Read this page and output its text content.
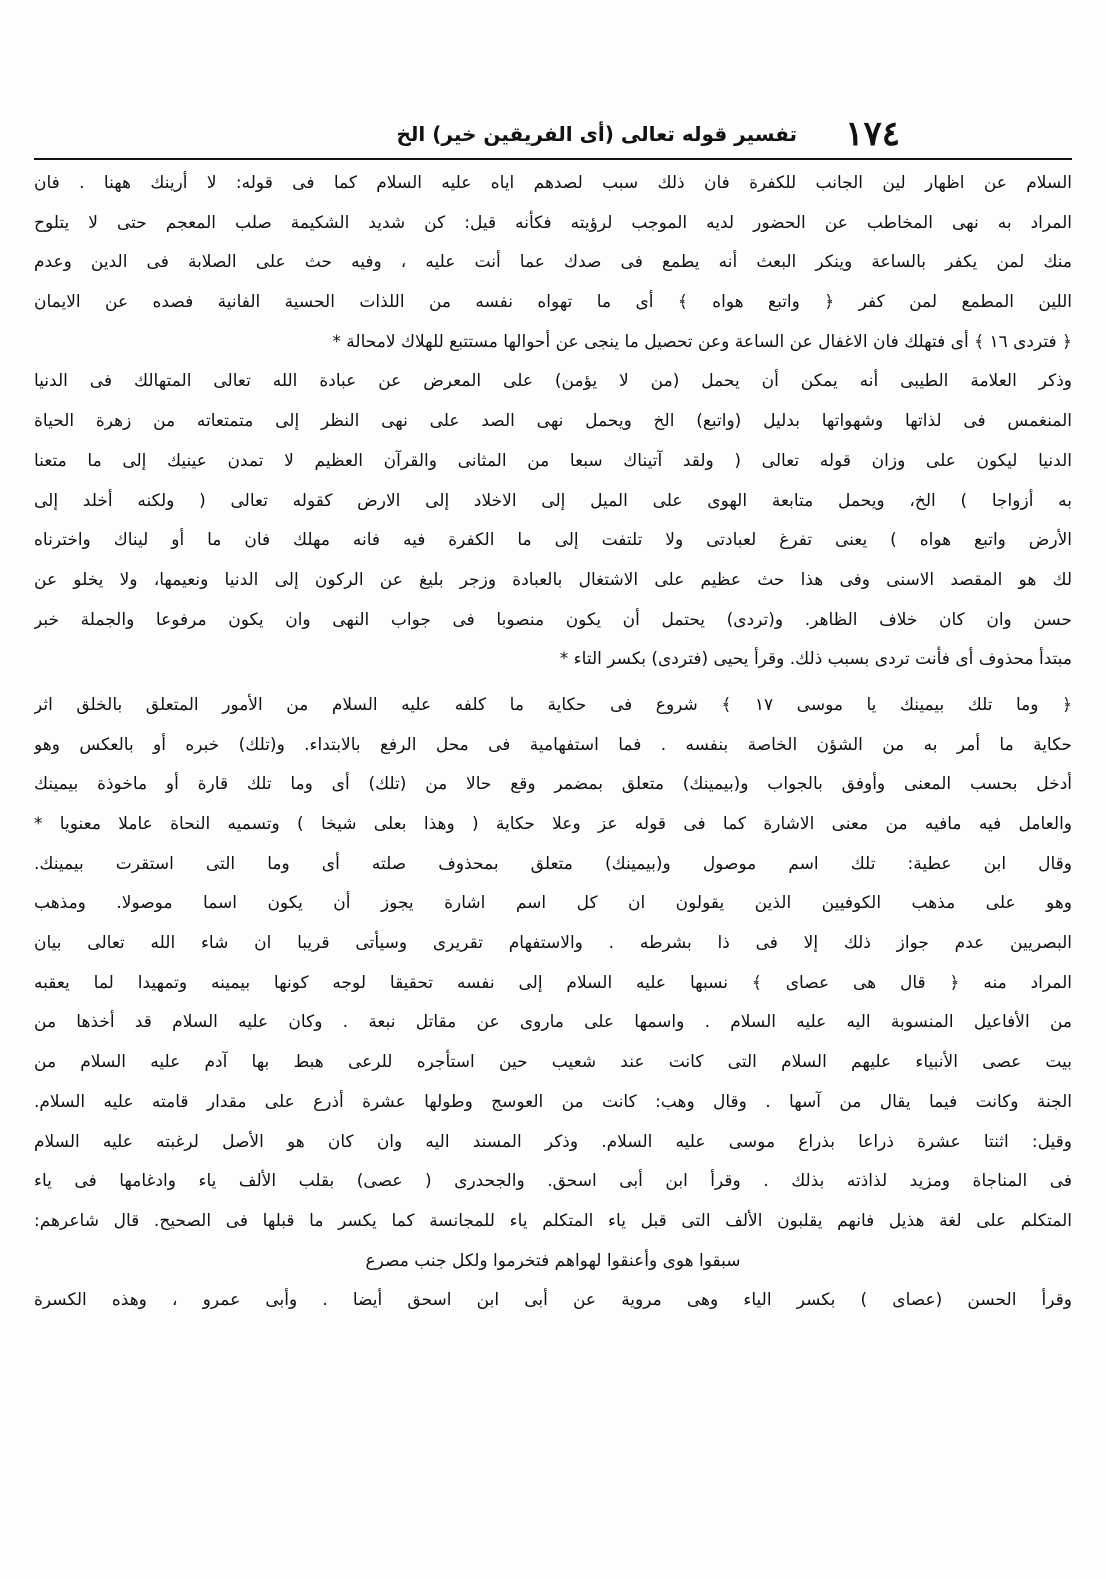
١٧٤
تفسير قوله تعالى (أى الفريقين خير) الخ
السلام عن اظهار لين الجانب للكفرة فان ذلك سبب لصدهم اياه عليه السلام كما فى قوله: لا أرينك ههنا . فان
المراد به نهى المخاطب عن الحضور لديه الموجب لرؤيته فكأنه قيل: كن شديد الشكيمة صلب المعجم حتى لا يتلوح
منك لمن يكفر بالساعة وينكر البعث أنه يطمع فى صدك عما أنت عليه ، وفيه حث على الصلابة فى الدين وعدم
اللين المطمع لمن كفر ﴿ واتبع هواه ﴾ أى ما تهواه نفسه من اللذات الحسية الفانية فصده عن الايمان
﴿ فتردى ١٦ ﴾ أى فتهلك فان الاغفال عن الساعة وعن تحصيل ما ينجى عن أحوالها مستتبع للهلاك لامحالة *
وذكر العلامة الطيبى أنه يمكن أن يحمل (من لا يؤمن) على المعرض عن عبادة الله تعالى المتهالك فى الدنيا
المنغمس فى لذاتها وشهواتها بدليل (واتبع) الخ ويحمل نهى الصد على نهى النظر إلى متمتعاته من زهرة الحياة
الدنيا ليكون على وزان قوله تعالى ( ولقد آتيناك سبعا من المثانى والقرآن العظيم لا تمدن عينيك إلى ما متعنا
به أزواجا ) الخ، ويحمل متابعة الهوى على الميل إلى الاخلاد إلى الارض كقوله تعالى ( ولكنه أخلد إلى
الأرض واتبع هواه ) يعنى تفرغ لعبادتى ولا تلتفت إلى ما الكفرة فيه فانه مهلك فان ما أو ليناك واخترناه
لك هو المقصد الاسنى وفى هذا حث عظيم على الاشتغال بالعبادة وزجر بليغ عن الركون إلى الدنيا ونعيمها، ولا يخلو عن
حسن وان كان خلاف الظاهر. و(تردى) يحتمل أن يكون منصوبا فى جواب النهى وان يكون مرفوعا والجملة خبر
مبتدأ محذوف أى فأنت تردى بسبب ذلك. وقرأ يحيى (فتردى) بكسر التاء *
﴿ وما تلك بيمينك يا موسى ١٧ ﴾ شروع فى حكاية ما كلفه عليه السلام من الأمور المتعلق بالخلق اثر
حكاية ما أمر به من الشؤن الخاصة بنفسه . فما استفهامية فى محل الرفع بالابتداء. و(تلك) خبره أو بالعكس وهو
أدخل بحسب المعنى وأوفق بالجواب و(بيمينك) متعلق بمضمر وقع حالا من (تلك) أى وما تلك قارة أو ماخوذة بيمينك
والعامل فيه مافيه من معنى الاشارة كما فى قوله عز وعلا حكاية ( وهذا بعلى شيخا ) وتسميه النحاة عاملا معنويا *
وقال ابن عطية: تلك اسم موصول و(بيمينك) متعلق بمحذوف صلته أى وما التى استقرت بيمينك.
وهو على مذهب الكوفيين الذين يقولون ان كل اسم اشارة يجوز أن يكون اسما موصولا. ومذهب
البصريين عدم جواز ذلك إلا فى ذا بشرطه . والاستفهام تقريرى وسيأتى قريبا ان شاء الله تعالى بيان
المراد منه ﴿ قال هى عصاى ﴾ نسبها عليه السلام إلى نفسه تحقيقا لوجه كونها بيمينه وتمهيدا لما يعقبه
من الأفاعيل المنسوبة اليه عليه السلام . واسمها على ماروى عن مقاتل نبعة . وكان عليه السلام قد أخذها من
بيت عصى الأنبياء عليهم السلام التى كانت عند شعيب حين استأجره للرعى هبط بها آدم عليه السلام من
الجنة وكانت فيما يقال من آسها . وقال وهب: كانت من العوسج وطولها عشرة أذرع على مقدار قامته عليه السلام.
وقيل: اثنتا عشرة ذراعا بذراع موسى عليه السلام. وذكر المسند اليه وان كان هو الأصل لرغبته عليه السلام
فى المناجاة ومزيد لذاذته بذلك . وقرأ ابن أبى اسحق. والجحدرى ( عصى) بقلب الألف ياء وادغامها فى ياء
المتكلم على لغة هذيل فانهم يقلبون الألف التى قبل ياء المتكلم ياء للمجانسة كما يكسر ما قبلها فى الصحيح. قال شاعرهم:
سبقوا هوى وأعنقوا لهواهم فتخرموا ولكل جنب مصرع
وقرأ الحسن (عصاى ) بكسر الياء وهى مروية عن أبى ابن اسحق أيضا . وأبى عمرو ، وهذه الكسرة
